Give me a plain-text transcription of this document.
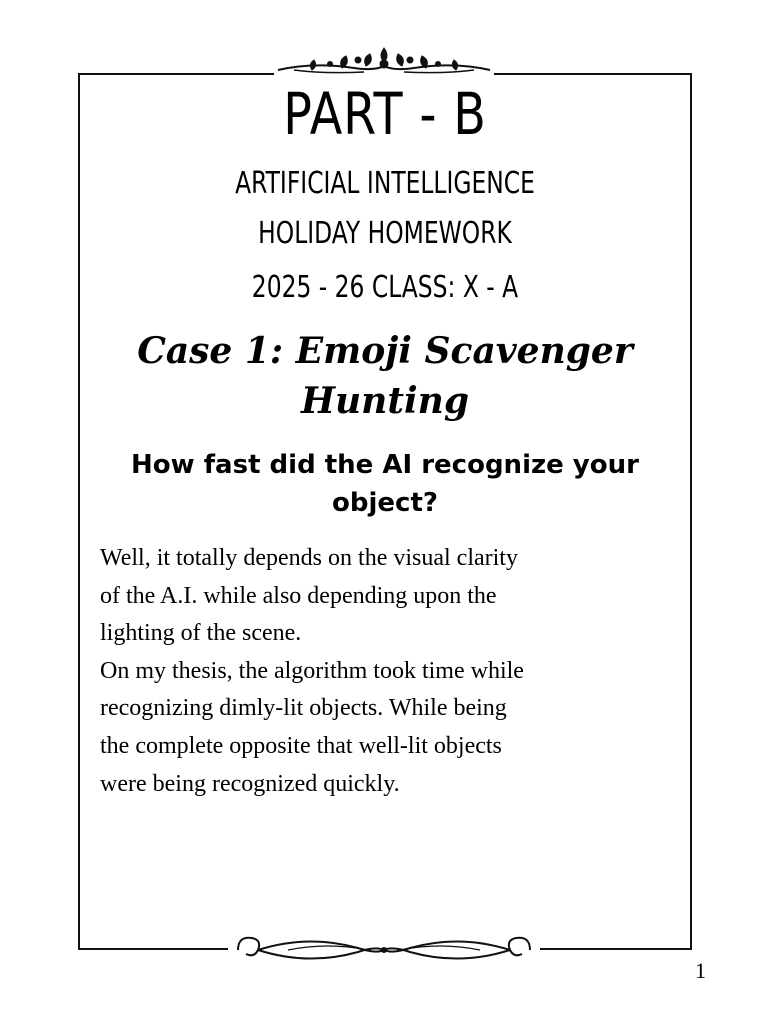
PART - B
ARTIFICIAL INTELLIGENCE
HOLIDAY HOMEWORK
2025 - 26 CLASS: X - A
Case 1: Emoji Scavenger Hunting
How fast did the AI recognize your object?

Well, it totally depends on the visual clarity

of the A.I. while also depending upon the

lighting of the scene.

On my thesis, the algorithm took time while

recognizing dimly-lit objects. While being

the complete opposite that well-lit objects

were being recognized quickly.

1
